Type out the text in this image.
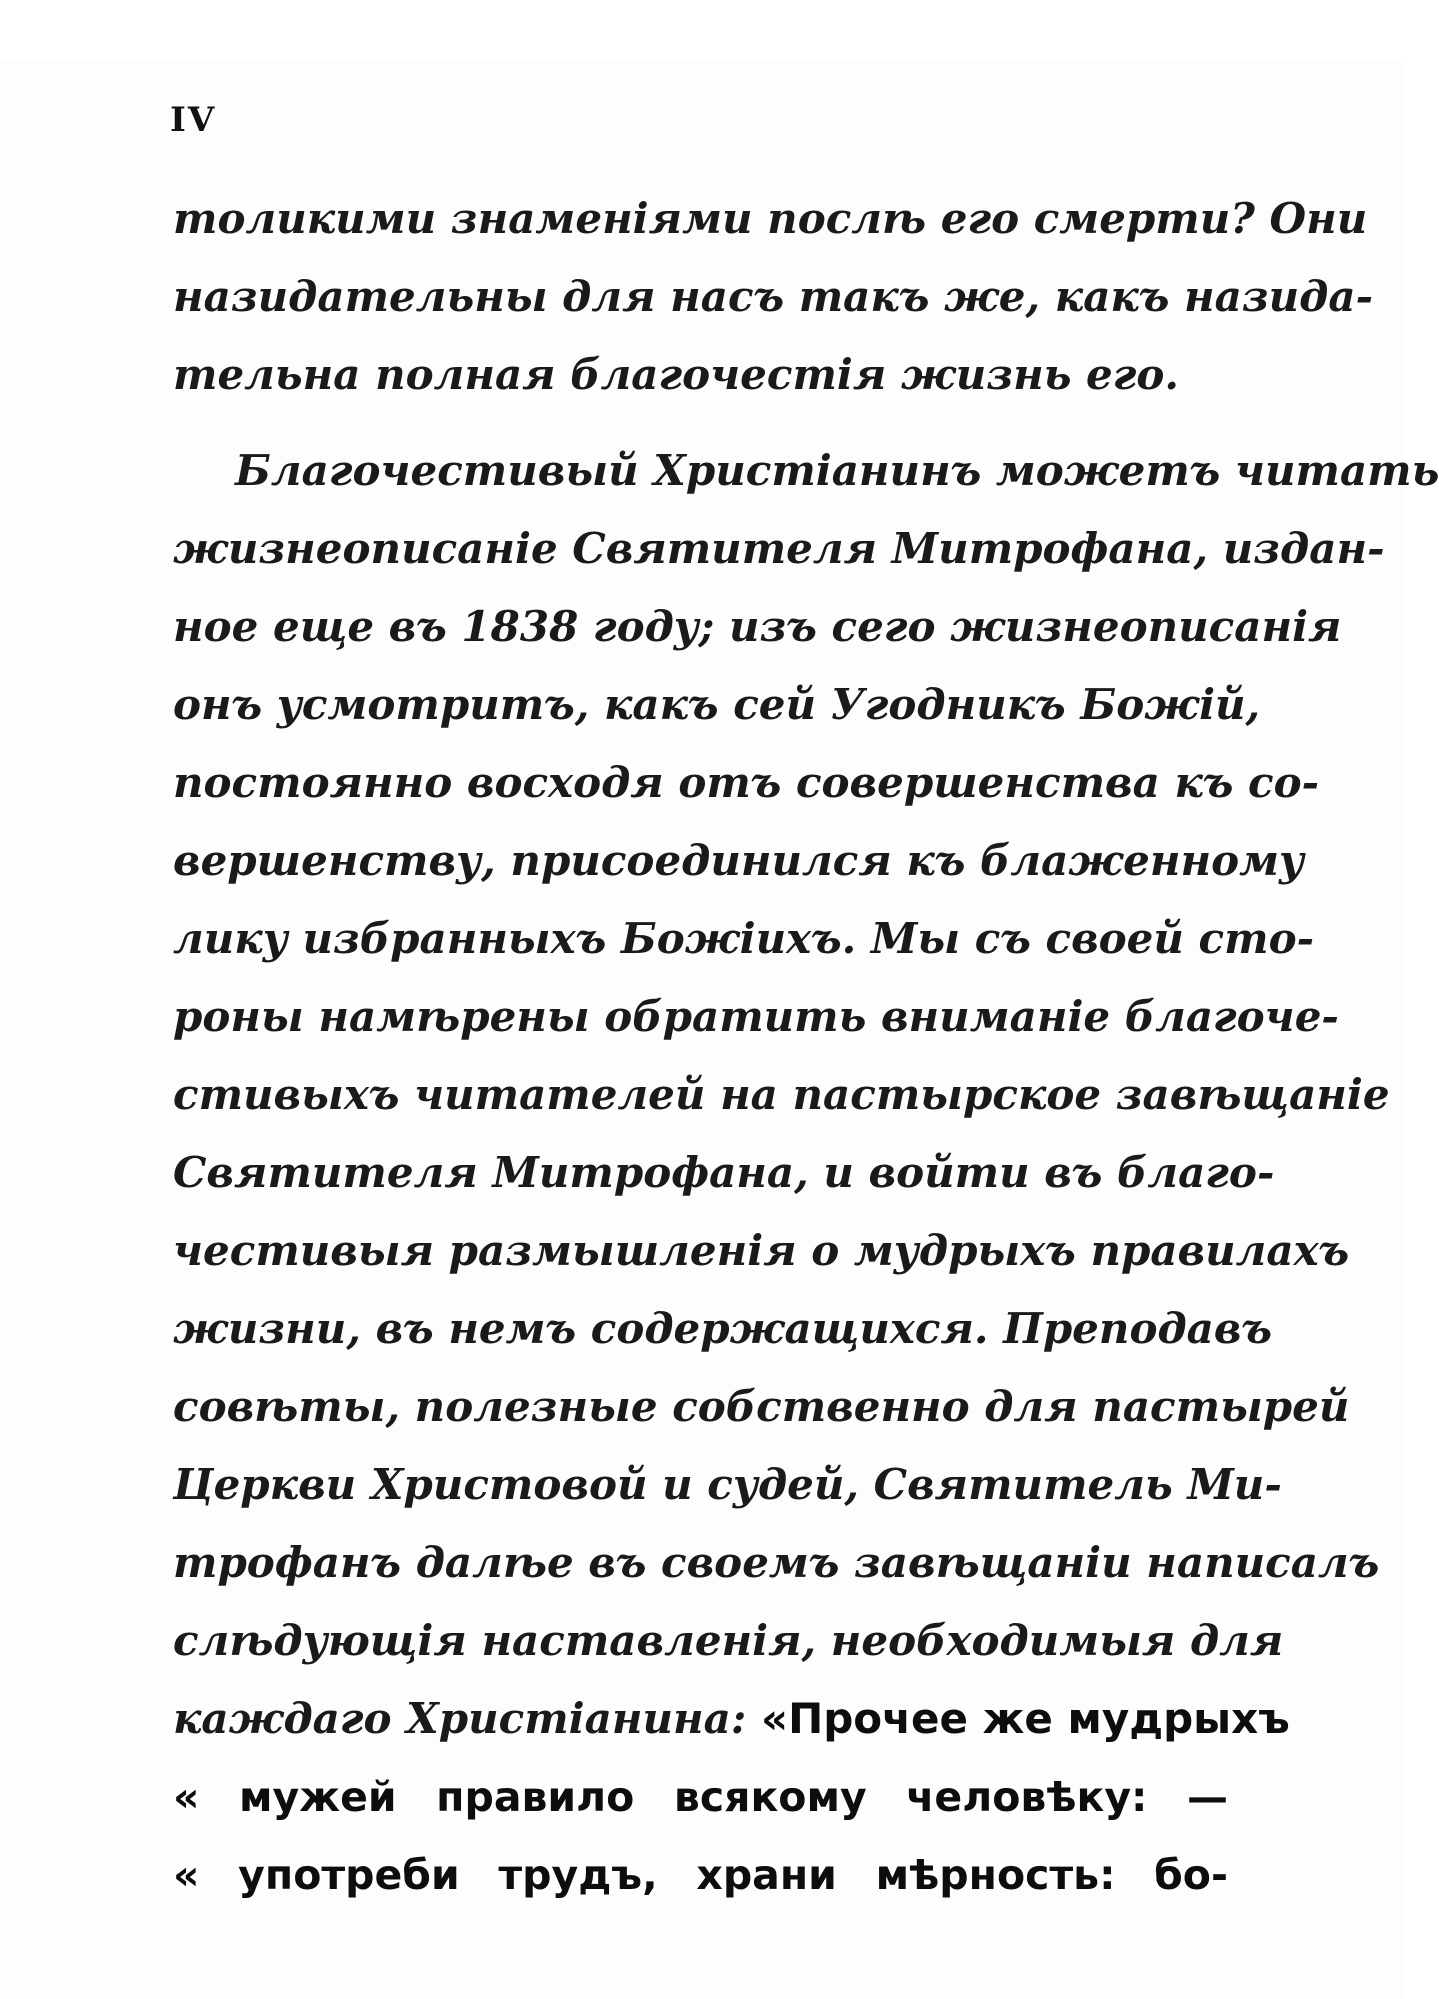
IV
толикими знаменіями послѣ его смерти? Они
назидательны для насъ такъ же, какъ назида-
тельна полная благочестія жизнь его.
Благочестивый Христіанинъ можетъ читать
жизнеописаніе Святителя Митрофана, издан-
ное еще въ 1838 году; изъ сего жизнеописанія
онъ усмотритъ, какъ сей Угодникъ Божій,
постоянно восходя отъ совершенства къ со-
вершенству, присоединился къ блаженному
лику избранныхъ Божіихъ. Мы съ своей сто-
роны намѣрены обратить вниманіе благоче-
стивыхъ читателей на пастырское завѣщаніе
Святителя Митрофана, и войти въ благо-
честивыя размышленія о мудрыхъ правилахъ
жизни, въ немъ содержащихся. Преподавъ
совѣты, полезные собственно для пастырей
Церкви Христовой и судей, Святитель Ми-
трофанъ далѣе въ своемъ завѣщаніи написалъ
слѣдующія наставленія, необходимыя для
каждаго Христіанина: «Прочее же мудрыхъ
« мужей правило всякому человѣку: —
« употреби трудъ, храни мѣрность: бо-
